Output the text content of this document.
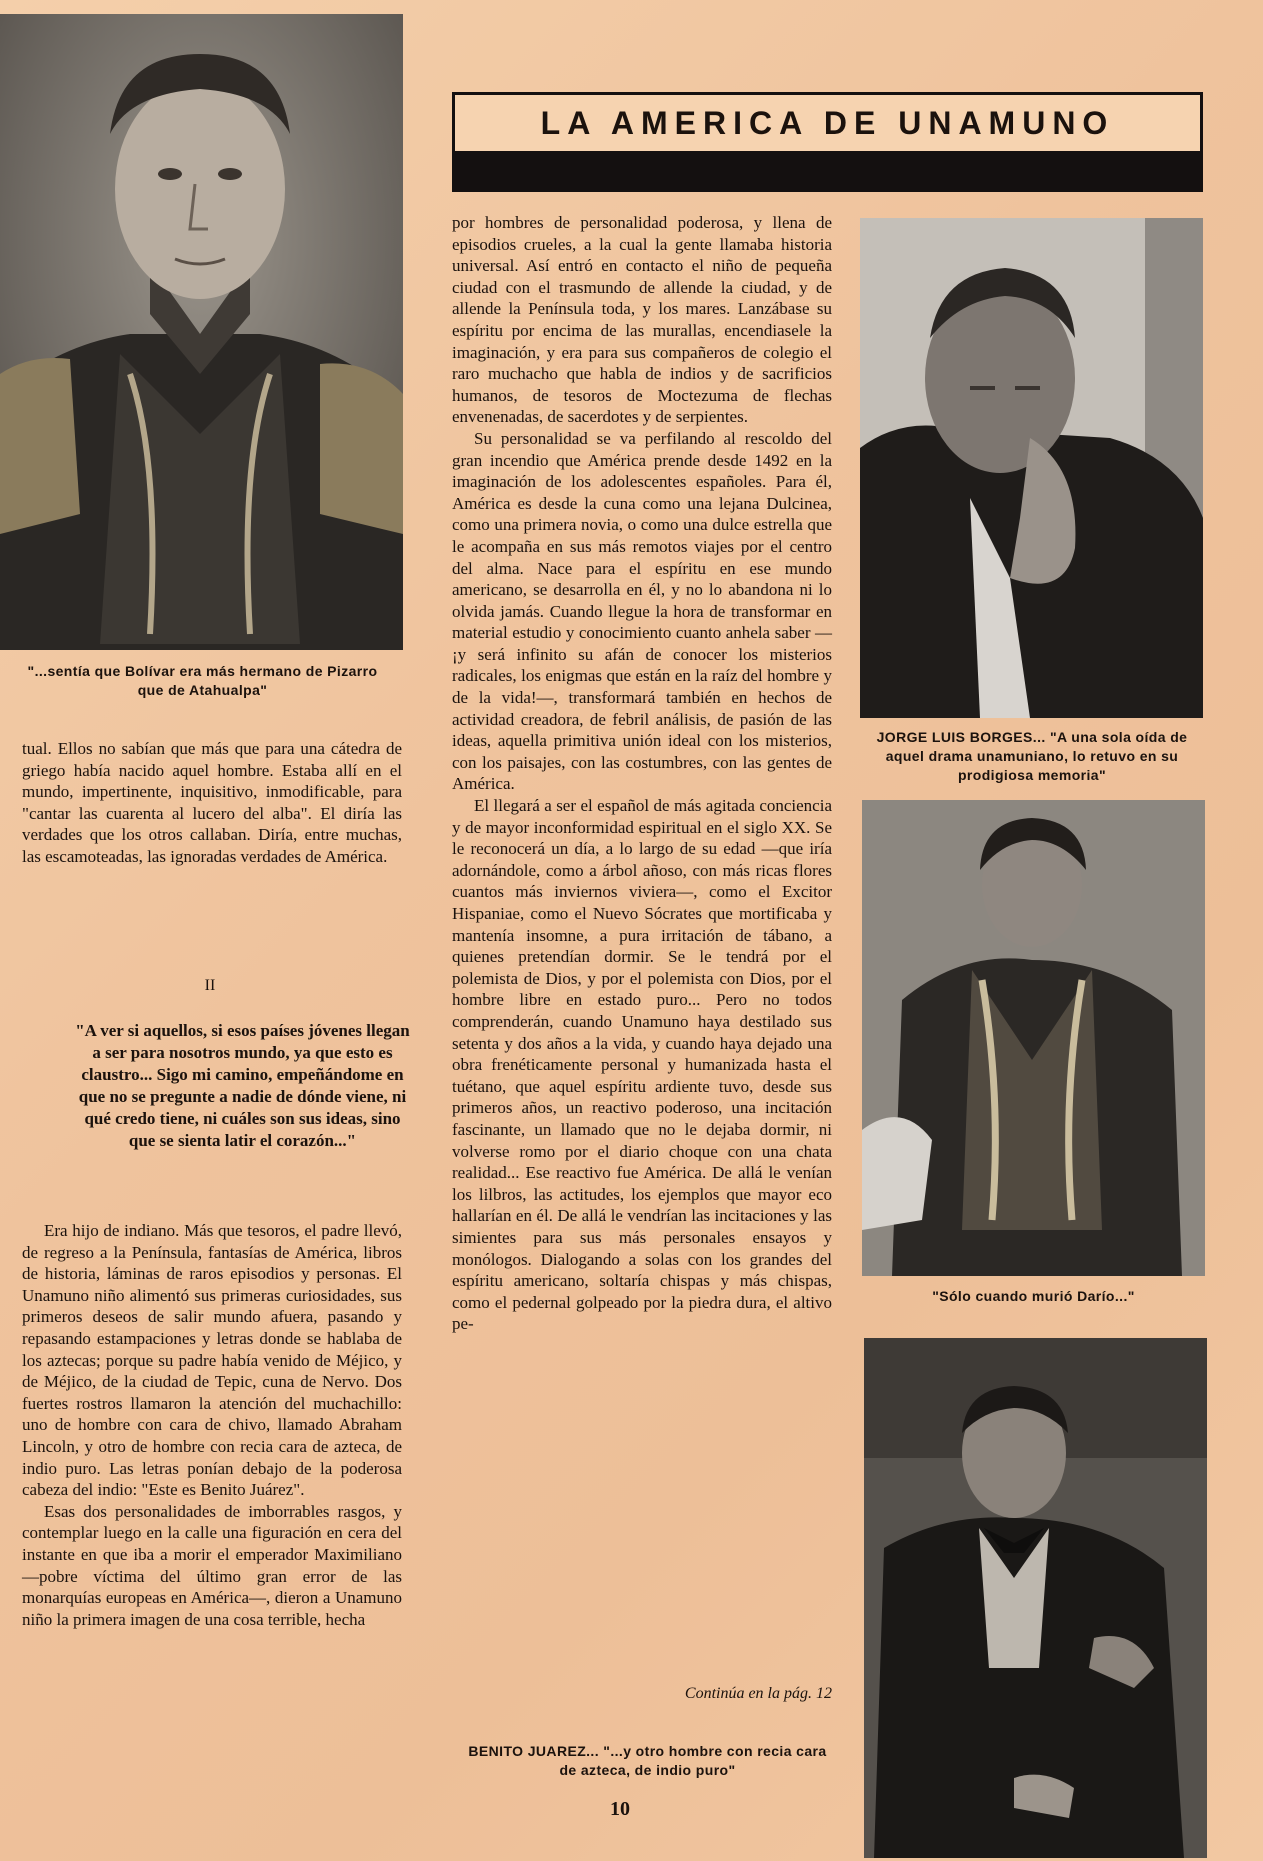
"...sentía que Bolívar era más hermano de Pizarro que de Atahualpa"
LA AMERICA DE UNAMUNO

tual. Ellos no sabían que más que para una cátedra de griego había nacido aquel hombre. Estaba allí en el mundo, impertinente, inquisitivo, inmodificable, para "cantar las cuarenta al lucero del alba". El diría las verdades que los otros callaban. Diría, entre muchas, las escamoteadas, las ignoradas verdades de América.

II
"A ver si aquellos, si esos países jóvenes llegan a ser para nosotros mundo, ya que esto es claustro... Sigo mi camino, empeñándome en que no se pregunte a nadie de dónde viene, ni qué credo tiene, ni cuáles son sus ideas, sino que se sienta latir el corazón..."

Era hijo de indiano. Más que tesoros, el padre llevó, de regreso a la Península, fantasías de América, libros de historia, láminas de raros episodios y personas. El Unamuno niño alimentó sus primeras curiosidades, sus primeros deseos de salir mundo afuera, pasando y repasando estampaciones y letras donde se hablaba de los aztecas; porque su padre había venido de Méjico, y de Méjico, de la ciudad de Tepic, cuna de Nervo. Dos fuertes rostros llamaron la atención del muchachillo: uno de hombre con cara de chivo, llamado Abraham Lincoln, y otro de hombre con recia cara de azteca, de indio puro. Las letras ponían debajo de la poderosa cabeza del indio: "Este es Benito Juárez".

Esas dos personalidades de imborrables rasgos, y contemplar luego en la calle una figuración en cera del instante en que iba a morir el emperador Maximiliano —pobre víctima del último gran error de las monarquías europeas en América—, dieron a Unamuno niño la primera imagen de una cosa terrible, hecha

por hombres de personalidad poderosa, y llena de episodios crueles, a la cual la gente llamaba historia universal. Así entró en contacto el niño de pequeña ciudad con el trasmundo de allende la ciudad, y de allende la Península toda, y los mares. Lanzábase su espíritu por encima de las murallas, encendiasele la imaginación, y era para sus compañeros de colegio el raro muchacho que habla de indios y de sacrificios humanos, de tesoros de Moctezuma de flechas envenenadas, de sacerdotes y de serpientes.

Su personalidad se va perfilando al rescoldo del gran incendio que América prende desde 1492 en la imaginación de los adolescentes españoles. Para él, América es desde la cuna como una lejana Dulcinea, como una primera novia, o como una dulce estrella que le acompaña en sus más remotos viajes por el centro del alma. Nace para el espíritu en ese mundo americano, se desarrolla en él, y no lo abandona ni lo olvida jamás. Cuando llegue la hora de transformar en material estudio y conocimiento cuanto anhela saber —¡y será infinito su afán de conocer los misterios radicales, los enigmas que están en la raíz del hombre y de la vida!—, transformará también en hechos de actividad creadora, de febril análisis, de pasión de las ideas, aquella primitiva unión ideal con los misterios, con los paisajes, con las costumbres, con las gentes de América.

El llegará a ser el español de más agitada conciencia y de mayor inconformidad espiritual en el siglo XX. Se le reconocerá un día, a lo largo de su edad —que iría adornándole, como a árbol añoso, con más ricas flores cuantos más inviernos viviera—, como el Excitor Hispaniae, como el Nuevo Sócrates que mortificaba y mantenía insomne, a pura irritación de tábano, a quienes pretendían dormir. Se le tendrá por el polemista de Dios, y por el polemista con Dios, por el hombre libre en estado puro... Pero no todos comprenderán, cuando Unamuno haya destilado sus setenta y dos años a la vida, y cuando haya dejado una obra frenéticamente personal y humanizada hasta el tuétano, que aquel espíritu ardiente tuvo, desde sus primeros años, un reactivo poderoso, una incitación fascinante, un llamado que no le dejaba dormir, ni volverse romo por el diario choque con una chata realidad... Ese reactivo fue América. De allá le venían los lilbros, las actitudes, los ejemplos que mayor eco hallarían en él. De allá le vendrían las incitaciones y las simientes para sus más personales ensayos y monólogos. Dialogando a solas con los grandes del espíritu americano, soltaría chispas y más chispas, como el pedernal golpeado por la piedra dura, el altivo pe-

Continúa en la pág. 12
JORGE LUIS BORGES... "A una sola oída de aquel drama unamuniano, lo retuvo en su prodigiosa memoria"
"Sólo cuando murió Darío..."
BENITO JUAREZ... "...y otro hombre con recia cara de azteca, de indio puro"
10
